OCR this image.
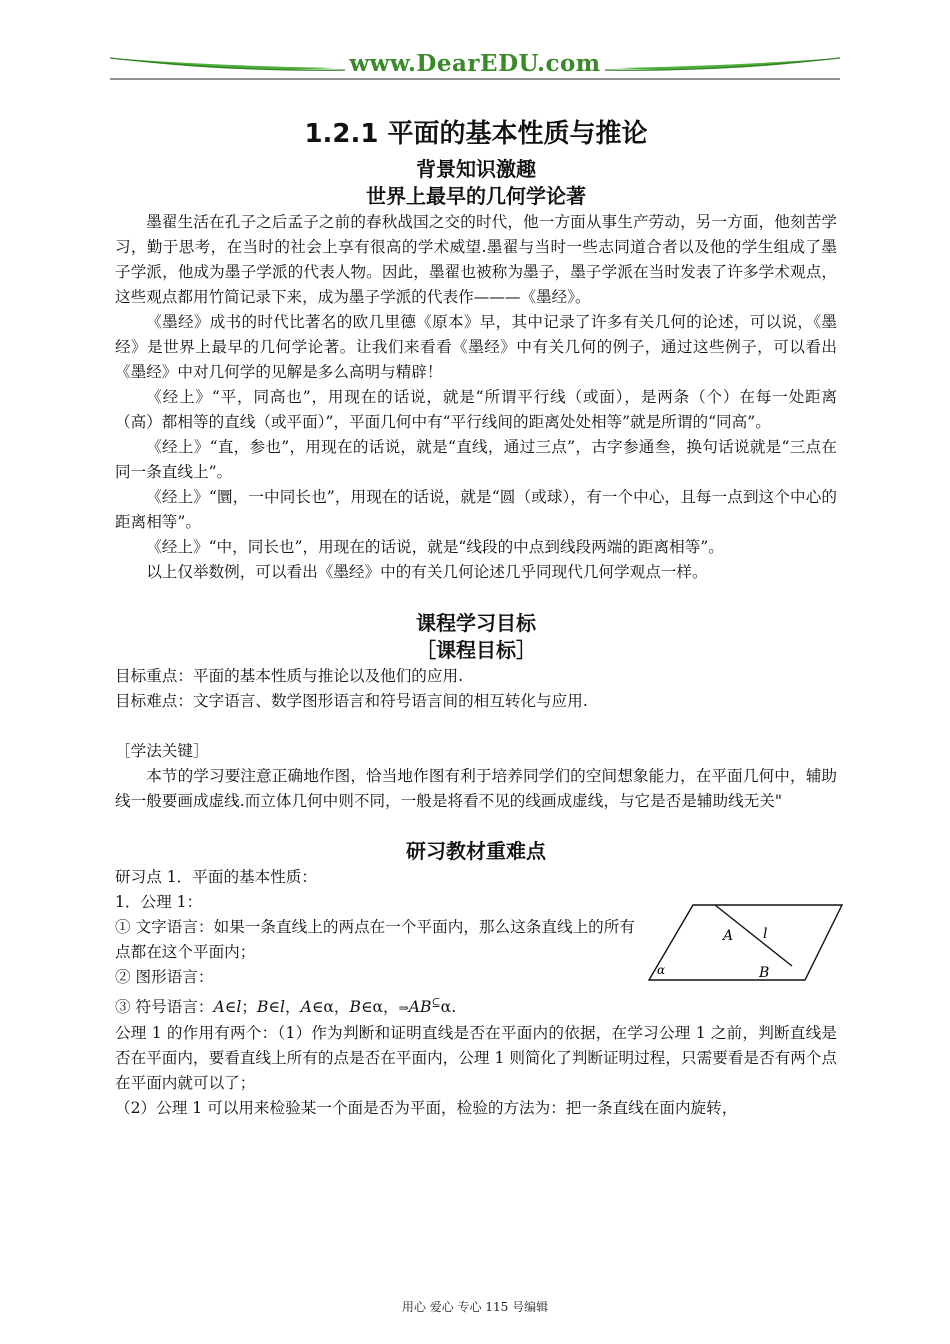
www.DearEDU.com
1.2.1 平面的基本性质与推论
背景知识激趣
世界上最早的几何学论著

墨翟生活在孔子之后孟子之前的春秋战国之交的时代，他一方面从事生产劳动，另一方面，他刻苦学习，勤于思考，在当时的社会上享有很高的学术威望.墨翟与当时一些志同道合者以及他的学生组成了墨子学派，他成为墨子学派的代表人物。因此，墨翟也被称为墨子，墨子学派在当时发表了许多学术观点，这些观点都用竹简记录下来，成为墨子学派的代表作———《墨经》。

《墨经》成书的时代比著名的欧几里德《原本》早，其中记录了许多有关几何的论述，可以说，《墨经》是世界上最早的几何学论著。让我们来看看《墨经》中有关几何的例子，通过这些例子，可以看出《墨经》中对几何学的见解是多么高明与精辟！

《经上》“平，同高也”，用现在的话说，就是“所谓平行线（或面），是两条（个）在每一处距离（高）都相等的直线（或平面）”，平面几何中有“平行线间的距离处处相等”就是所谓的“同高”。

《经上》“直，参也”，用现在的话说，就是“直线，通过三点”，古字参通叁，换句话说就是“三点在同一条直线上”。

《经上》“圜，一中同长也”，用现在的话说，就是“圆（或球），有一个中心，且每一点到这个中心的距离相等”。

《经上》“中，同长也”，用现在的话说，就是“线段的中点到线段两端的距离相等”。

以上仅举数例，可以看出《墨经》中的有关几何论述几乎同现代几何学观点一样。

课程学习目标
［课程目标］
目标重点：平面的基本性质与推论以及他们的应用.
目标难点：文字语言、数学图形语言和符号语言间的相互转化与应用.
［学法关键］

本节的学习要注意正确地作图，恰当地作图有利于培养同学们的空间想象能力，在平面几何中，辅助线一般要画成虚线.而立体几何中则不同，一般是将看不见的线画成虚线，与它是否是辅助线无关"

研习教材重难点
研习点 1．平面的基本性质：
1．公理 1：

① 文字语言：如果一条直线上的两点在一个平面内，那么这条直线上的所有点都在这个平面内；

② 图形语言：
③ 符号语言：A∈l；B∈l，A∈α，B∈α，⇒AB⊆α.
A l
B
α

公理 1 的作用有两个：（1）作为判断和证明直线是否在平面内的依据，在学习公理 1 之前，判断直线是否在平面内，要看直线上所有的点是否在平面内，公理 1 则简化了判断证明过程，只需要看是否有两个点在平面内就可以了；

（2）公理 1 可以用来检验某一个面是否为平面，检验的方法为：把一条直线在面内旋转，

用心 爱心 专心 115 号编辑
